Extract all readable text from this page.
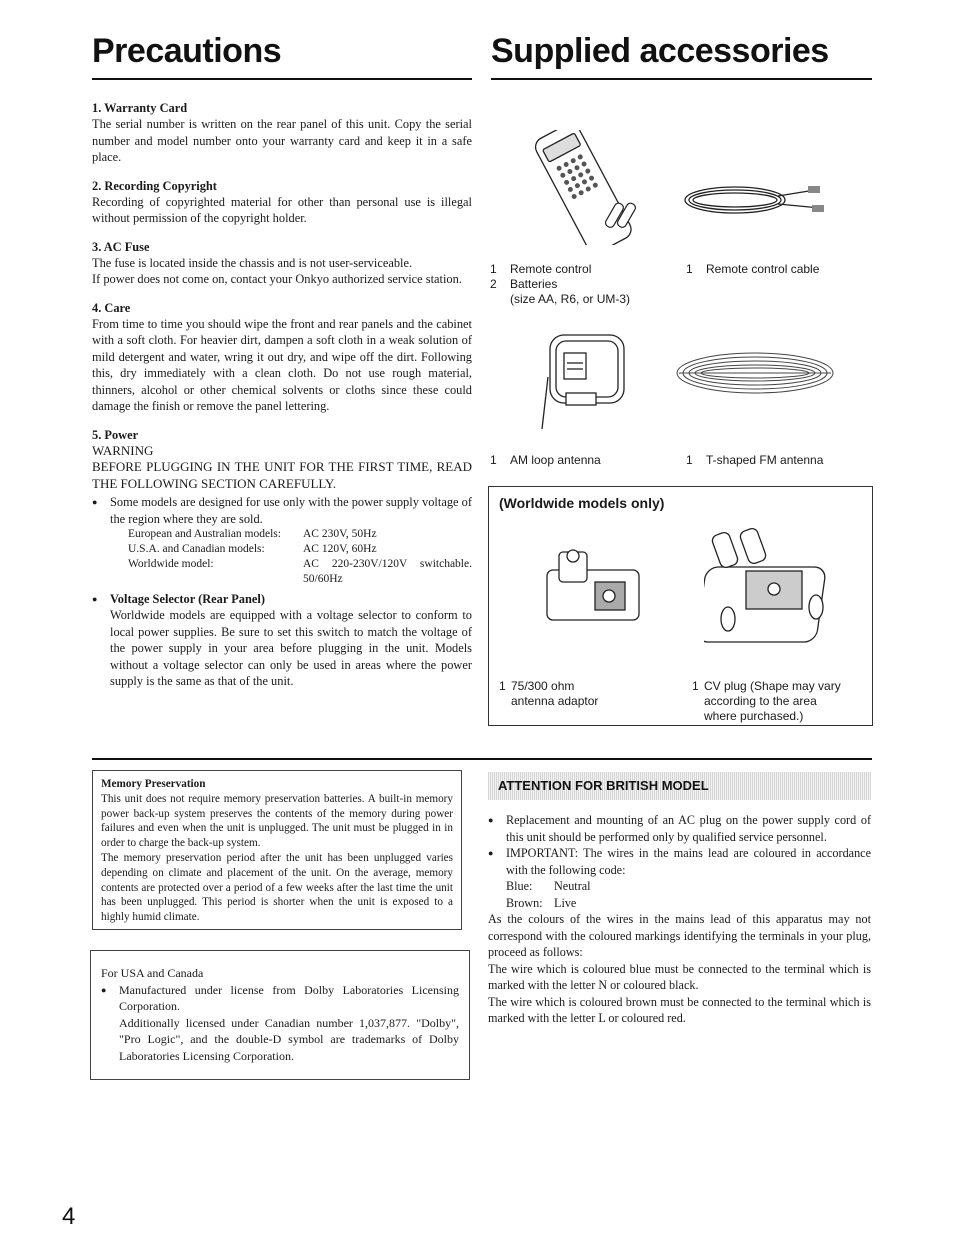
Precautions	Supplied accessories

1. Warranty Card

The serial number is written on the rear panel of this unit. Copy the serial number and model number onto your warranty card and keep it in a safe place.

2. Recording Copyright

Recording of copyrighted material for other than personal use is illegal without permission of the copyright holder.

3. AC Fuse

The fuse is located inside the chassis and is not user-serviceable.

If power does not come on, contact your Onkyo authorized service station.

4. Care

From time to time you should wipe the front and rear panels and the cabinet with a soft cloth. For heavier dirt, dampen a soft cloth in a weak solution of mild detergent and water, wring it out dry, and wipe off the dirt. Following this, dry immediately with a clean cloth. Do not use rough material, thinners, alcohol or other chemical solvents or cloths since these could damage the finish or remove the panel lettering.

5. Power

WARNING

BEFORE PLUGGING IN THE UNIT FOR THE FIRST TIME, READ THE FOLLOWING SECTION CAREFULLY.

● Some models are designed for use only with the power supply voltage of the region where they are sold.

European and Australian models:	AC 230V, 50Hz
U.S.A. and Canadian models:	AC 120V, 60Hz
Worldwide model:	AC 220-230V/120V switchable. 50/60Hz

● Voltage Selector (Rear Panel)

Worldwide models are equipped with a voltage selector to conform to local power supplies. Be sure to set this switch to match the voltage of the power supply in your area before plugging in the unit. Models without a voltage selector can only be used in areas where the power supply is the same as that of the unit.

1 Remote control
2 Batteries
(size AA, R6, or UM-3)
1 Remote control cable
1 AM loop antenna	1 T-shaped FM antenna
(Worldwide models only)
1 75/300 ohm
antenna adaptor
1 CV plug (Shape may vary
according to the area
where purchased.)

Memory Preservation

This unit does not require memory preservation batteries. A built-in memory power back-up system preserves the contents of the memory during power failures and even when the unit is unplugged. The unit must be plugged in in order to charge the back-up system.

The memory preservation period after the unit has been unplugged varies depending on climate and placement of the unit. On the average, memory contents are protected over a period of a few weeks after the last time the unit has been unplugged. This period is shorter when the unit is exposed to a highly humid climate.

For USA and Canada

● Manufactured under license from Dolby Laboratories Licensing Corporation.

Additionally licensed under Canadian number 1,037,877. "Dolby", "Pro Logic", and the double-D symbol are trademarks of Dolby Laboratories Licensing Corporation.

ATTENTION FOR BRITISH MODEL

● Replacement and mounting of an AC plug on the power supply cord of this unit should be performed only by qualified service personnel.

● IMPORTANT: The wires in the mains lead are coloured in accordance with the following code:

Blue:	Neutral
Brown: Live

As the colours of the wires in the mains lead of this apparatus may not correspond with the coloured markings identifying the terminals in your plug, proceed as follows:

The wire which is coloured blue must be connected to the terminal which is marked with the letter N or coloured black.

The wire which is coloured brown must be connected to the terminal which is marked with the letter L or coloured red.

4
